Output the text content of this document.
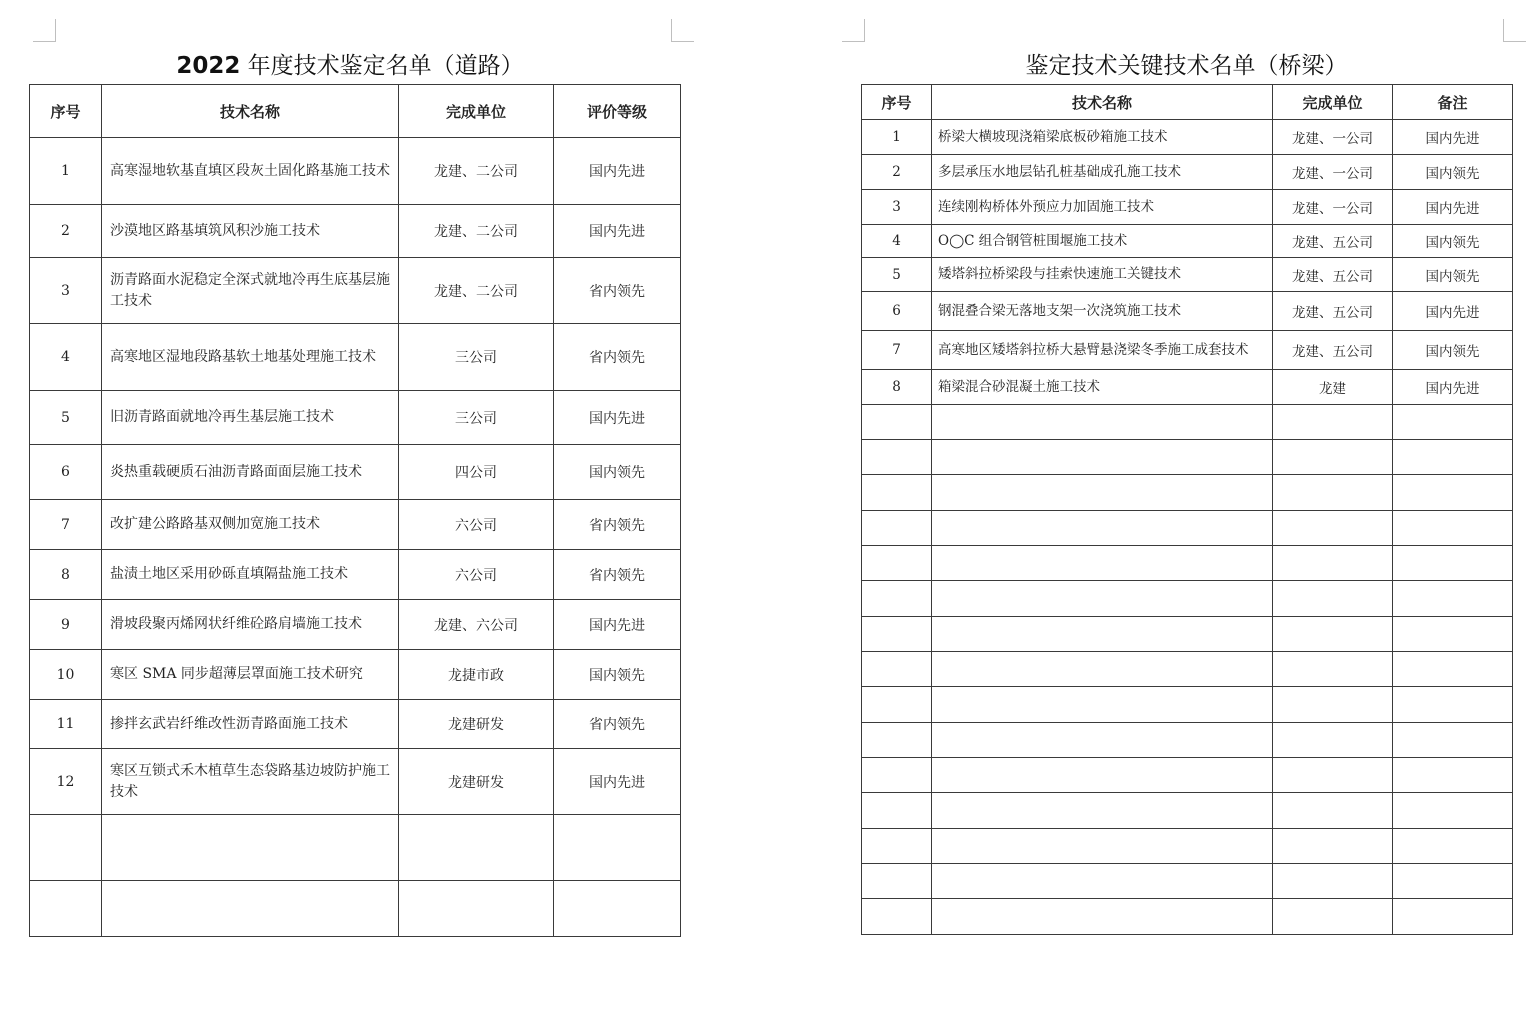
2022 年度技术鉴定名单（道路）
序号	技术名称	完成单位	评价等级
1	高寒湿地软基直填区段灰土固化路基施工技术	龙建、二公司	国内先进
2	沙漠地区路基填筑风积沙施工技术	龙建、二公司	国内先进
3	沥青路面水泥稳定全深式就地冷再生底基层施工技术	龙建、二公司	省内领先
4	高寒地区湿地段路基软土地基处理施工技术	三公司	省内领先
5	旧沥青路面就地冷再生基层施工技术	三公司	国内先进
6	炎热重载硬质石油沥青路面面层施工技术	四公司	国内领先
7	改扩建公路路基双侧加宽施工技术	六公司	省内领先
8	盐渍土地区采用砂砾直填隔盐施工技术	六公司	省内领先
9	滑坡段聚丙烯网状纤维砼路肩墙施工技术	龙建、六公司	国内先进
10	寒区 SMA 同步超薄层罩面施工技术研究	龙捷市政	国内领先
11	掺拌玄武岩纤维改性沥青路面施工技术	龙建研发	省内领先
12	寒区互锁式禾木植草生态袋路基边坡防护施工技术	龙建研发	国内先进

鉴定技术关键技术名单（桥梁）
序号	技术名称	完成单位	备注
1	桥梁大横坡现浇箱梁底板砂箱施工技术	龙建、一公司	国内先进
2	多层承压水地层钻孔桩基础成孔施工技术	龙建、一公司	国内领先
3	连续刚构桥体外预应力加固施工技术	龙建、一公司	国内先进
4	O◯C 组合钢管桩围堰施工技术	龙建、五公司	国内领先
5	矮塔斜拉桥梁段与挂索快速施工关键技术	龙建、五公司	国内领先
6	钢混叠合梁无落地支架一次浇筑施工技术	龙建、五公司	国内先进
7	高寒地区矮塔斜拉桥大悬臂悬浇梁冬季施工成套技术	龙建、五公司	国内领先
8	箱梁混合砂混凝土施工技术	龙建	国内先进
